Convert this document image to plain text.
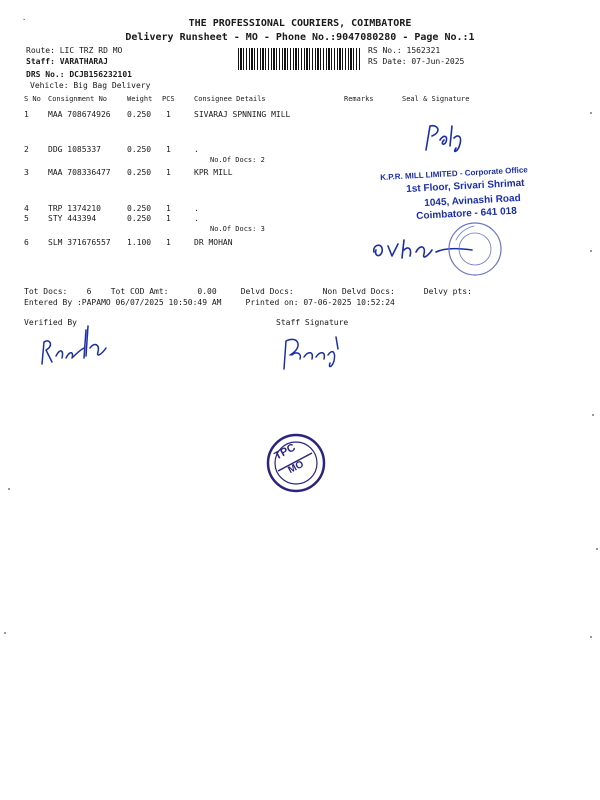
.	THE PROFESSIONAL COURIERS, COIMBATORE
Delivery Runsheet - MO - Phone No.:9047080280 - Page No.:1
Route: LIC TRZ RD MO
Staff: VARATHARAJ
DRS No.: DCJB156232101
Vehicle: Big Bag Delivery
RS No.: 1562321
RS Date: 07-Jun-2025
S No Consignment No	Weight PCS	Consignee Details	Remarks	Seal & Signature
1 MAA 708674926 0.250 1	SIVARAJ SPNNING MILL
2 DDG 1085337	0.250 1	.
No.Of Docs: 2
3 MAA 708336477 0.250 1	KPR MILL
4 TRP 1374210	0.250 1	.
5 STY 443394	0.250 1	.
No.Of Docs: 3
6 SLM 371676557 1.100 1	DR MOHAN
K.P.R. MILL LIMITED - Corporate Office
1st Floor, Srivari Shrimat
1045, Avinashi Road
Coimbatore - 641 018
Tot Docs:    6    Tot COD Amt:      0.00     Delvd Docs:      Non Delvd Docs:      Delvy pts:
Entered By :PAPAMO 06/07/2025 10:50:49 AM     Printed on: 07-06-2025 10:52:24
Verified By	Staff Signature
TPC
MO
